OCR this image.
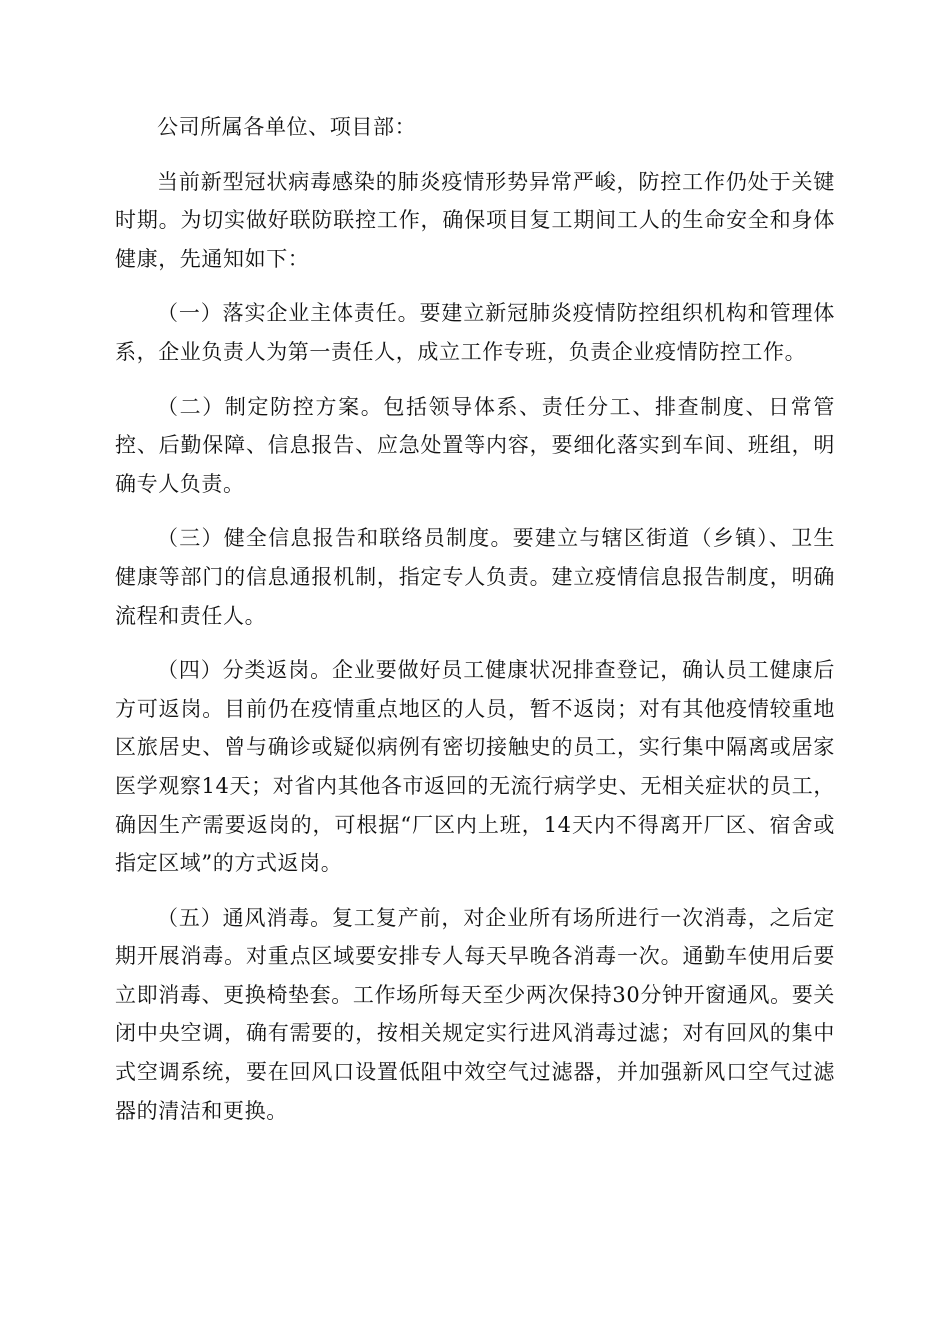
公司所属各单位、项目部：

当前新型冠状病毒感染的肺炎疫情形势异常严峻，防控工作仍处于关键时期。为切实做好联防联控工作，确保项目复工期间工人的生命安全和身体健康，先通知如下：

（一）落实企业主体责任。要建立新冠肺炎疫情防控组织机构和管理体系，企业负责人为第一责任人，成立工作专班，负责企业疫情防控工作。

（二）制定防控方案。包括领导体系、责任分工、排查制度、日常管控、后勤保障、信息报告、应急处置等内容，要细化落实到车间、班组，明确专人负责。

（三）健全信息报告和联络员制度。要建立与辖区街道（乡镇）、卫生健康等部门的信息通报机制，指定专人负责。建立疫情信息报告制度，明确流程和责任人。

（四）分类返岗。企业要做好员工健康状况排查登记，确认员工健康后方可返岗。目前仍在疫情重点地区的人员，暂不返岗；对有其他疫情较重地区旅居史、曾与确诊或疑似病例有密切接触史的员工，实行集中隔离或居家医学观察14天；对省内其他各市返回的无流行病学史、无相关症状的员工，确因生产需要返岗的，可根据“厂区内上班，14天内不得离开厂区、宿舍或指定区域”的方式返岗。

（五）通风消毒。复工复产前，对企业所有场所进行一次消毒，之后定期开展消毒。对重点区域要安排专人每天早晚各消毒一次。通勤车使用后要立即消毒、更换椅垫套。工作场所每天至少两次保持30分钟开窗通风。要关闭中央空调，确有需要的，按相关规定实行进风消毒过滤；对有回风的集中式空调系统，要在回风口设置低阻中效空气过滤器，并加强新风口空气过滤器的清洁和更换。
